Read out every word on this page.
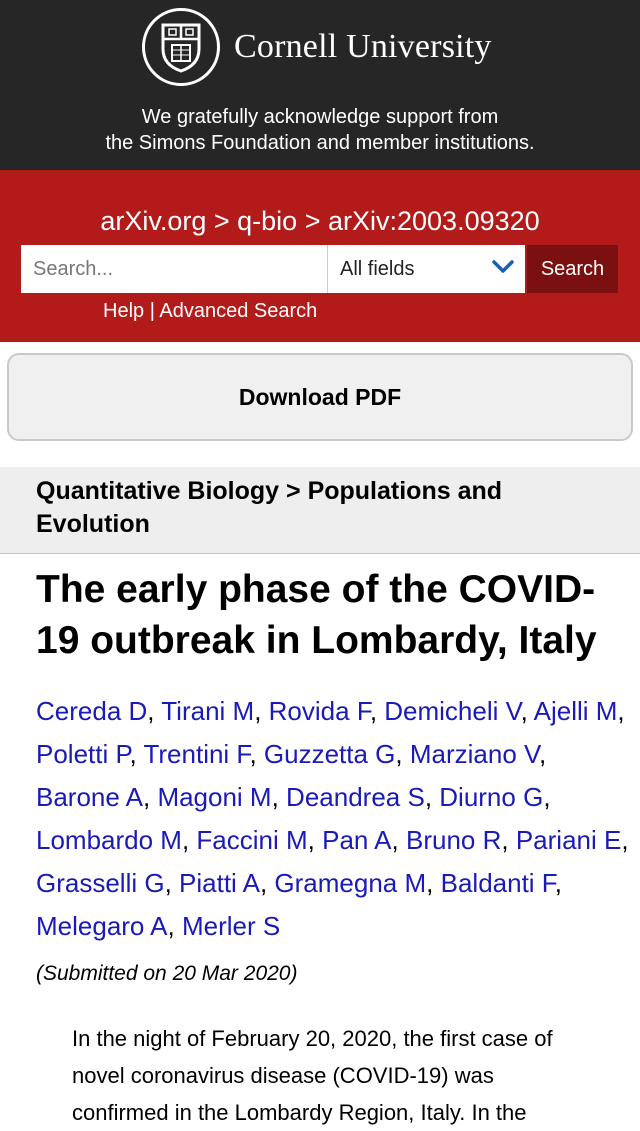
Cornell University
We gratefully acknowledge support from
the Simons Foundation and member institutions.
arXiv.org > q-bio > arXiv:2003.09320
Search...
All fields	Search
Help | Advanced Search
Download PDF
Quantitative Biology > Populations and Evolution
The early phase of the COVID-19 outbreak in Lombardy, Italy
Cereda D, Tirani M, Rovida F, Demicheli V, Ajelli M, Poletti P, Trentini F, Guzzetta G, Marziano V, Barone A, Magoni M, Deandrea S, Diurno G, Lombardo M, Faccini M, Pan A, Bruno R, Pariani E, Grasselli G, Piatti A, Gramegna M, Baldanti F, Melegaro A, Merler S
(Submitted on 20 Mar 2020)
In the night of February 20, 2020, the first case of novel coronavirus disease (COVID-19) was confirmed in the Lombardy Region, Italy. In the
